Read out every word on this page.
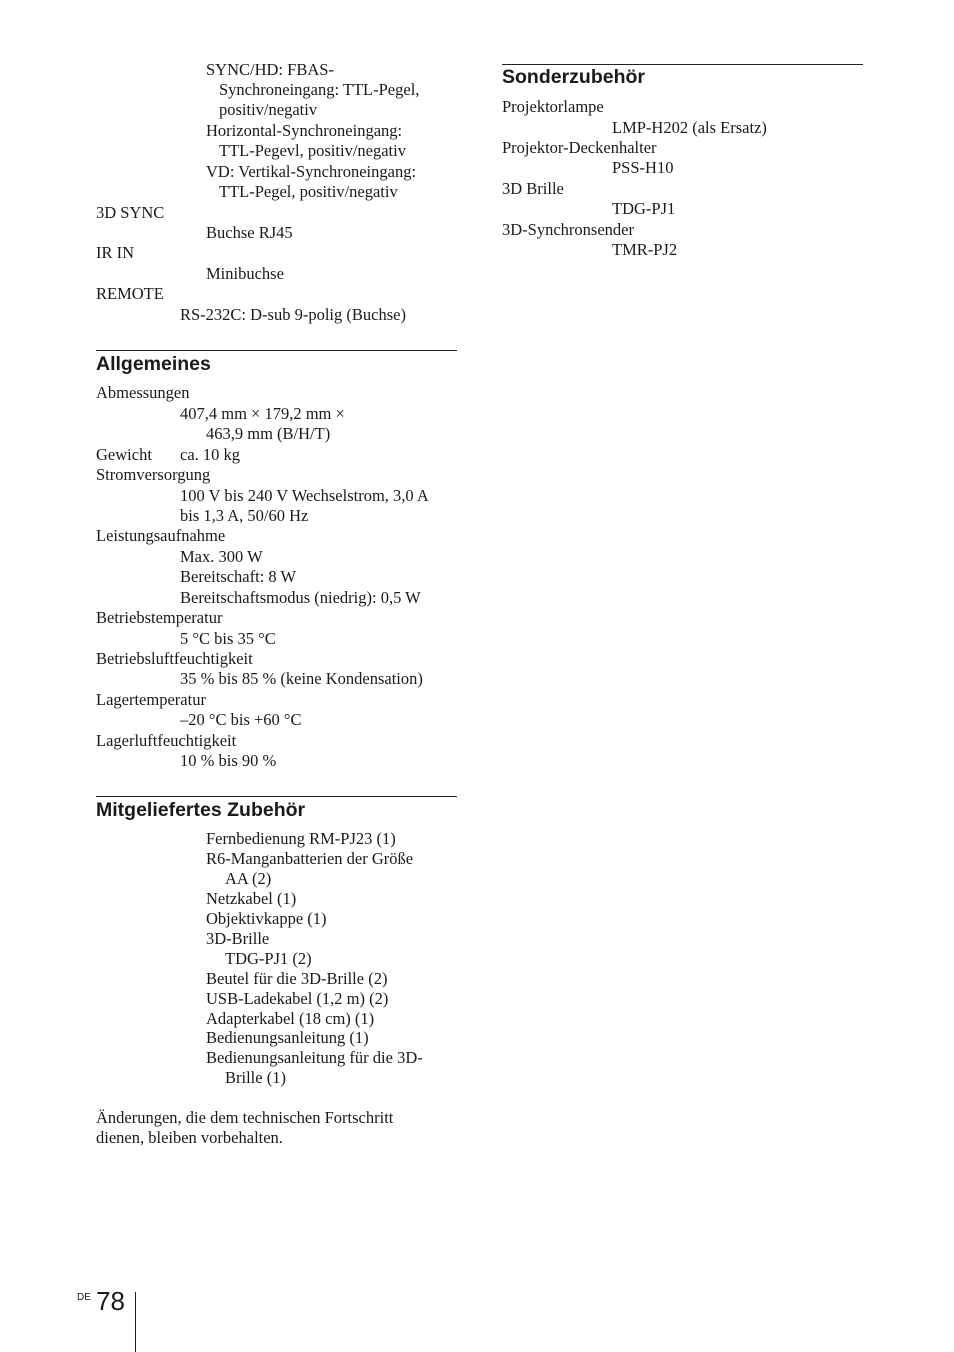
SYNC/HD: FBAS-
Synchroneingang: TTL-Pegel,
positiv/negativ
Horizontal-Synchroneingang:
TTL-Pegevl, positiv/negativ
VD: Vertikal-Synchroneingang:
TTL-Pegel, positiv/negativ
3D SYNC
Buchse RJ45
IR IN
Minibuchse
REMOTE
RS-232C: D-sub 9-polig (Buchse)
Allgemeines
Abmessungen
407,4 mm × 179,2 mm ×
463,9 mm (B/H/T)
Gewicht ca. 10 kg
Stromversorgung
100 V bis 240 V Wechselstrom, 3,0 A
bis 1,3 A, 50/60 Hz
Leistungsaufnahme
Max. 300 W
Bereitschaft: 8 W
Bereitschaftsmodus (niedrig): 0,5 W
Betriebstemperatur
5 °C bis 35 °C
Betriebsluftfeuchtigkeit
35 % bis 85 % (keine Kondensation)
Lagertemperatur
–20 °C bis +60 °C
Lagerluftfeuchtigkeit
10 % bis 90 %
Mitgeliefertes Zubehör
Fernbedienung RM-PJ23 (1)
R6-Manganbatterien der Größe
AA (2)
Netzkabel (1)
Objektivkappe (1)
3D-Brille
TDG-PJ1 (2)
Beutel für die 3D-Brille (2)
USB-Ladekabel (1,2 m) (2)
Adapterkabel (18 cm) (1)
Bedienungsanleitung (1)
Bedienungsanleitung für die 3D-
Brille (1)
Änderungen, die dem technischen Fortschritt
dienen, bleiben vorbehalten.
Sonderzubehör
Projektorlampe
LMP-H202 (als Ersatz)
Projektor-Deckenhalter
PSS-H10
3D Brille
TDG-PJ1
3D-Synchronsender
TMR-PJ2
DE 78
